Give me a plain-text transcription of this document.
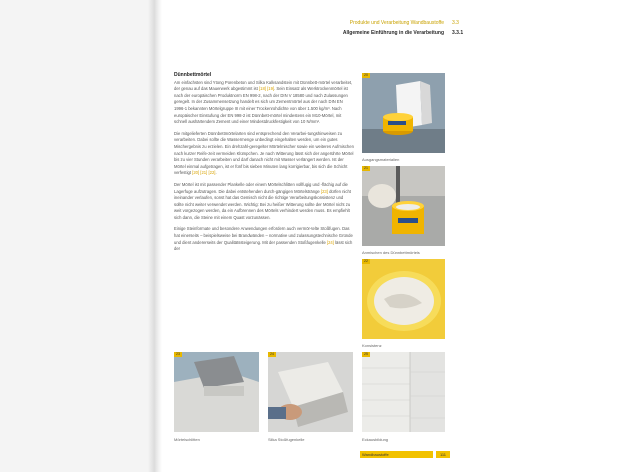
Produkte und Verarbeitung Wandbaustoffe 3.3
Allgemeine Einführung in die Verarbeitung 3.3.1

Dünnbettmörtel

Am einfachsten sind Ytong Porenbeton und Silka Kalksandstein mit Dünnbett-mörtel verarbeitet, der genau auf das Mauerwerk abgestimmt ist [18] [19]. Sein Einsatz als Werktrockenmörtel ist nach der europäischen Produktnorm EN 998-2, nach der DIN V 18580 und nach Zulassungen geregelt. In der Zusammensetzung handelt es sich um Zementmörtel aus der nach DIN EN 1996-1 bekannten Mörtelgruppe III mit einer Trockenrohdichte von über 1.500 kg/m³. Nach europäischer Einstufung der EN 998-2 ist Dünnbett-mörtel mindestens ein M10-Mörtel, mit schnell aushärtendem Zement und einer Mindestdruckfestigkeit von 10 N/mm².

Die mitgelieferten Dünnbettmörtelarten sind entsprechend den Verarbei-tungshinweisen zu verarbeiten. Dabei sollte die Wassermenge unbedingt eingehalten werden, um ein gutes Mischergebnis zu erzielen. Ein drehzahl-geregelter Mörtelmischer sowie ein weiteres Aufmischen nach kurzer Reife-zeit vermeiden Klümpchen. Je nach Witterung lässt sich der angerührte Mörtel bis zu vier Stunden verarbeiten und darf danach nicht mit Wasser verlängert werden. Ist der Mörtel einmal aufgetragen, ist er fünf bis sieben Minuten lang korrigierbar, bis sich die Schicht verfestigt [20] [21] [22].

Der Mörtel ist mit passender Plankelle oder einem Mörtelschlitten vollfugig und -flächig auf die Lagerfuge aufzutragen. Die dabei entstehenden durch-gängigen Mörtelstränge [23] dürfen nicht ineinander verlaufen, sonst hat das Gemisch nicht die richtige Verarbeitungskonsistenz und sollte nicht weiter verwendet werden. Wichtig: Bei zu heißer Witterung sollte der Mörtel nicht zu weit vorgezogen werden, da ein Aufbrennen des Mörtels verhindert werden muss. Es empfiehlt sich dann, die Steine mit einem Quast vorzunässen.

Einige Steinformate und besondere Anwendungen erfordern auch vermör-telte Stoßfugen. Das hat einerseits – beispielsweise bei Brandwänden – normative und zulassungstechnische Gründe und dient andererseits der Qualitätssteigerung. Mit der passenden Stoßfugenkelle [24] lässt sich der

20
Ausgangsmaterialien
21
Anmischen des Dünnbettmörtels
22
Konsistenz
23
Mörtelschlitten
24
Silka Stoßfugenkelle
25
Eckausbildung
Wandbaustoffe	111
